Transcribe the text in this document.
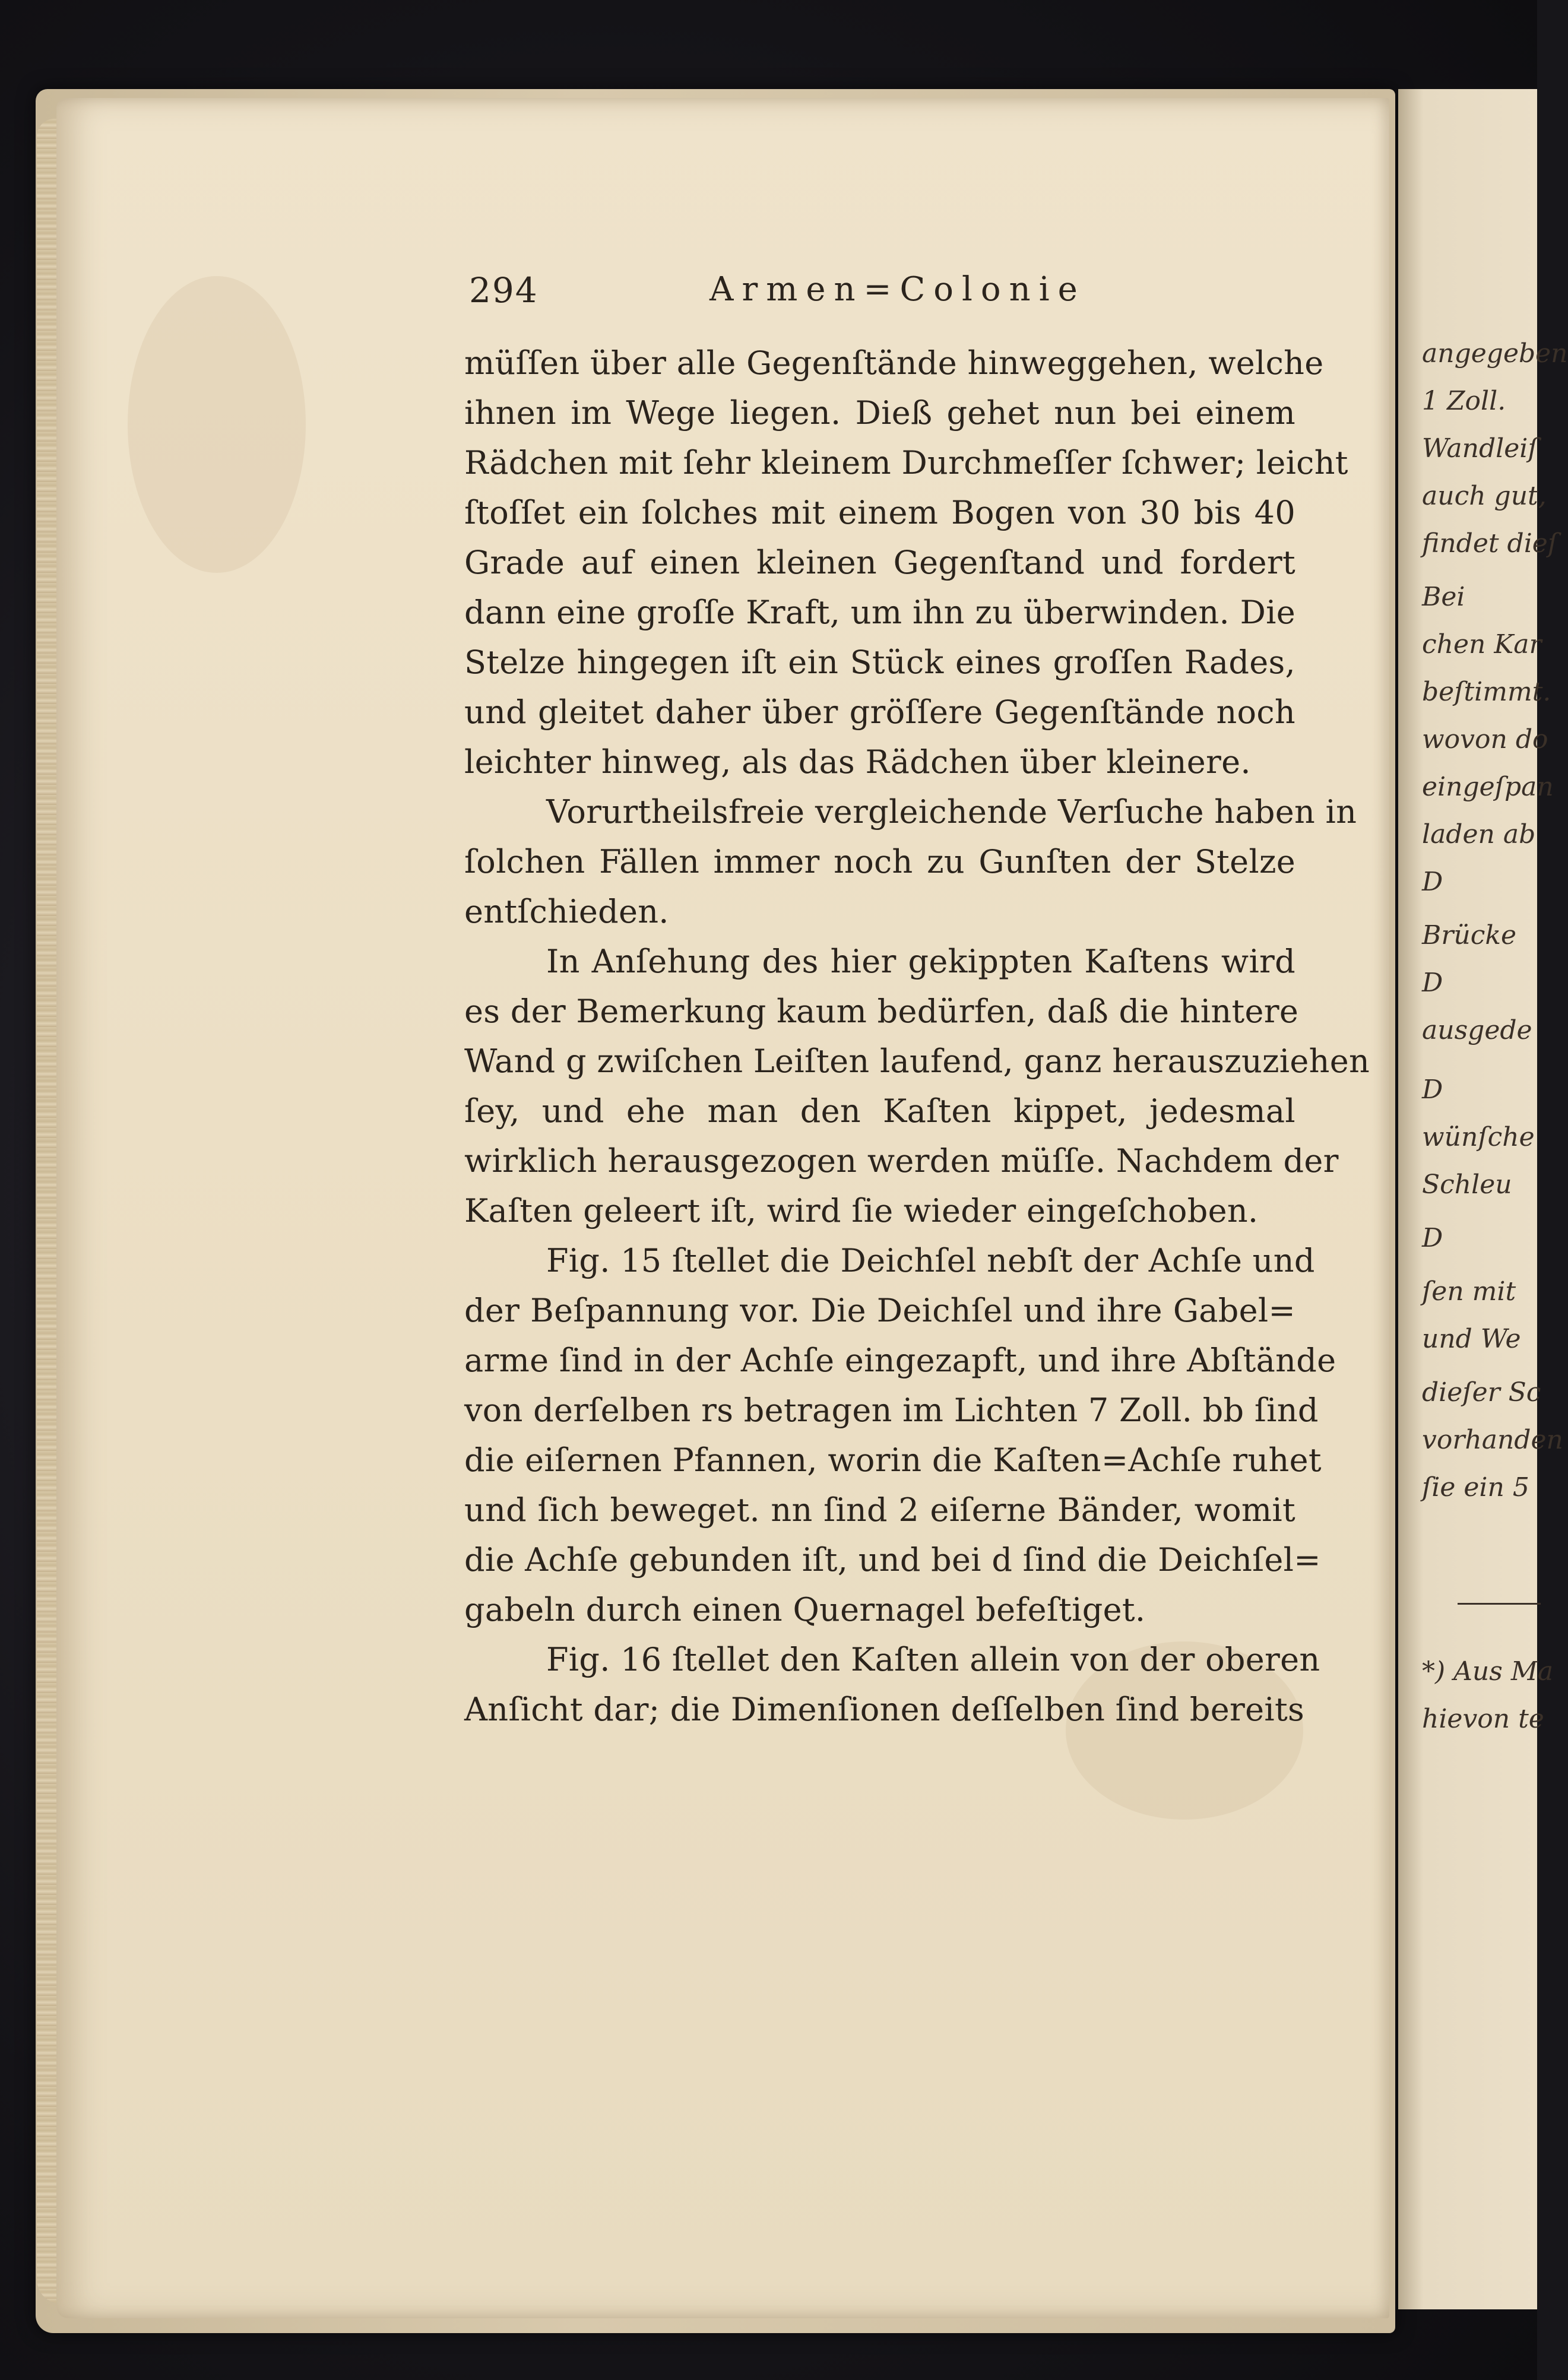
angegeben
1 Zoll.
Wandleiſ
auch gut,
findet dieſ
Bei
chen Kar
beſtimmt.
wovon do
eingeſpan
laden ab
D
Brücke
D
ausgede
D
wünſche
Schleu
D
ſen mit
und We
dieſer Sc
vorhanden
ſie ein 5
*) Aus Ma
hievon te
294	Armen=Colonie
müſſen über alle Gegenſtände hinweggehen, welche
ihnen im Wege liegen. Dieß gehet nun bei einem
Rädchen mit ſehr kleinem Durchmeſſer ſchwer; leicht
ſtoſſet ein ſolches mit einem Bogen von 30 bis 40
Grade auf einen kleinen Gegenſtand und fordert
dann eine groſſe Kraft, um ihn zu überwinden. Die
Stelze hingegen iſt ein Stück eines groſſen Rades,
und gleitet daher über gröſſere Gegenſtände noch
leichter hinweg, als das Rädchen über kleinere.
Vorurtheilsfreie vergleichende Verſuche haben in
ſolchen Fällen immer noch zu Gunſten der Stelze
entſchieden.
In Anſehung des hier gekippten Kaſtens wird
es der Bemerkung kaum bedürfen, daß die hintere
Wand g zwiſchen Leiſten laufend, ganz herauszuziehen
ſey, und ehe man den Kaſten kippet, jedesmal
wirklich herausgezogen werden müſſe. Nachdem der
Kaſten geleert iſt, wird ſie wieder eingeſchoben.
Fig. 15 ſtellet die Deichſel nebſt der Achſe und
der Beſpannung vor. Die Deichſel und ihre Gabel=
arme ſind in der Achſe eingezapft, und ihre Abſtände
von derſelben rs betragen im Lichten 7 Zoll. bb ſind
die eiſernen Pfannen, worin die Kaſten=Achſe ruhet
und ſich beweget. nn ſind 2 eiſerne Bänder, womit
die Achſe gebunden iſt, und bei d ſind die Deichſel=
gabeln durch einen Quernagel befeſtiget.
Fig. 16 ſtellet den Kaſten allein von der oberen
Anſicht dar; die Dimenſionen deſſelben ſind bereits
